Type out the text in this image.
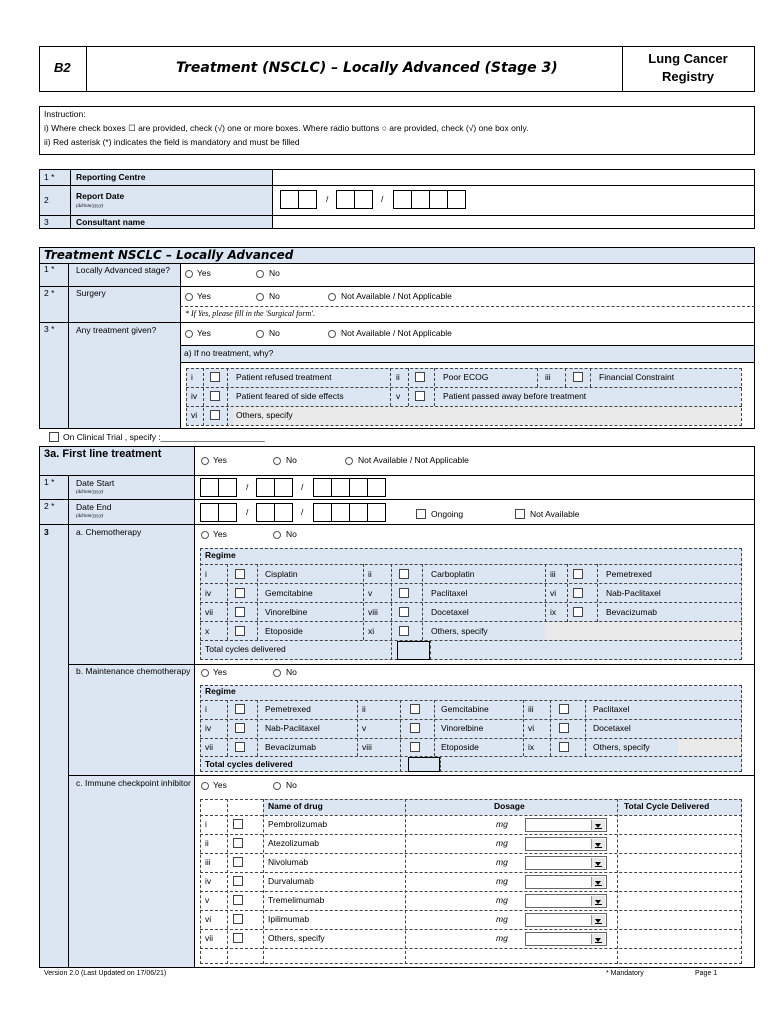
B2	Treatment (NSCLC) – Locally Advanced (Stage 3)
Lung Cancer Registry
Instruction:
i) Where check boxes ☐ are provided, check (√) one or more boxes. Where radio buttons ○ are provided, check (√) one box only.
ii) Red asterisk (*) indicates the field is mandatory and must be filled
1 *	Reporting Centre
2	Report Date
(dd/mm/yyyy)
/	/
3	Consultant name
Treatment NSCLC – Locally Advanced
1 *	Locally Advanced stage?	Yes	No
2 *	Surgery	Yes	No	Not Available / Not Applicable
* If Yes, please fill in the 'Surgical form'.
3 *	Any treatment given?	Yes	No	Not Available / Not Applicable
a) If no treatment, why?
i	Patient refused treatment	ii	Poor ECOG	iii	Financial Constraint
iv	Patient feared of side effects	v	Patient passed away before treatment
vi	Others, specify
On Clinical Trial , specify :______________________
3a. First line treatment	Yes	No	Not Available / Not Applicable
1 *	Date Start
(dd/mm/yyyy)
/	/
2 *	Date End
(dd/mm/yyyy)	/	/	Ongoing	Not Available
3	a. Chemotherapy	Yes	No
Regime
i	Cisplatin	ii	Carboplatin	iii	Pemetrexed
iv	Gemcitabine	v	Paclitaxel	vi	Nab-Paclitaxel
vii	Vinorelbine	viii	Docetaxel	ix	Bevacizumab
x	Etoposide	xi	Others, specify
Total cycles delivered
b. Maintenance chemotherapy	Yes	No
Regime
i	Pemetrexed	ii	Gemcitabine	iii	Paclitaxel
iv	Nab-Paclitaxel	v	Vinorelbine	vi	Docetaxel
vii	Bevacizumab	viii	Etoposide	ix	Others, specify
Total cycles delivered
c. Immune checkpoint inhibitor	Yes	No
Name of drug	Dosage	Total Cycle Delivered
i	Pembrolizumab	mg
ii	Atezolizumab	mg
iii	Nivolumab	mg
iv	Durvalumab	mg
v	Tremelimumab	mg
vi	Ipilimumab	mg
vii	Others, specify	mg
Version 2.0 (Last Updated on 17/06/21)	* Mandatory	Page 1
